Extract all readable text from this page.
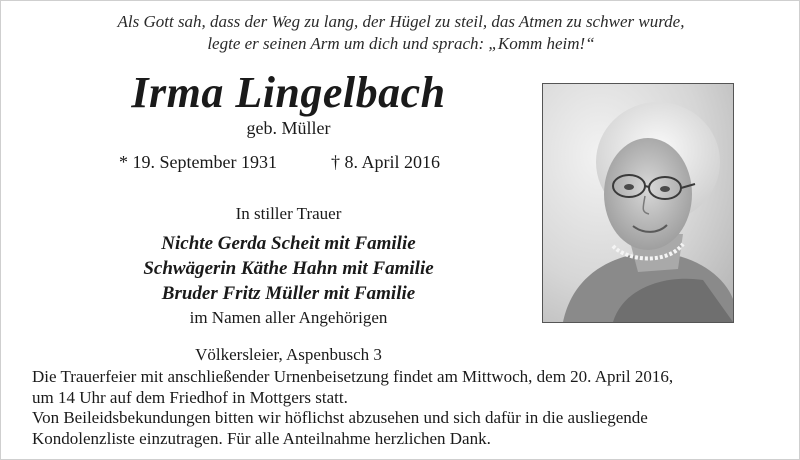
Als Gott sah, dass der Weg zu lang, der Hügel zu steil, das Atmen zu schwer wurde,
legte er seinen Arm um dich und sprach: „Komm heim!“
Irma Lingelbach
geb. Müller
* 19. September 1931	† 8. April 2016
In stiller Trauer
Nichte Gerda Scheit mit Familie
Schwägerin Käthe Hahn mit Familie
Bruder Fritz Müller mit Familie
im Namen aller Angehörigen
Völkersleier, Aspenbusch 3
Die Trauerfeier mit anschließender Urnenbeisetzung findet am Mittwoch, dem 20. April 2016,
um 14 Uhr auf dem Friedhof in Mottgers statt.
Von Beileidsbekundungen bitten wir höflichst abzusehen und sich dafür in die ausliegende
Kondolenzliste einzutragen. Für alle Anteilnahme herzlichen Dank.
